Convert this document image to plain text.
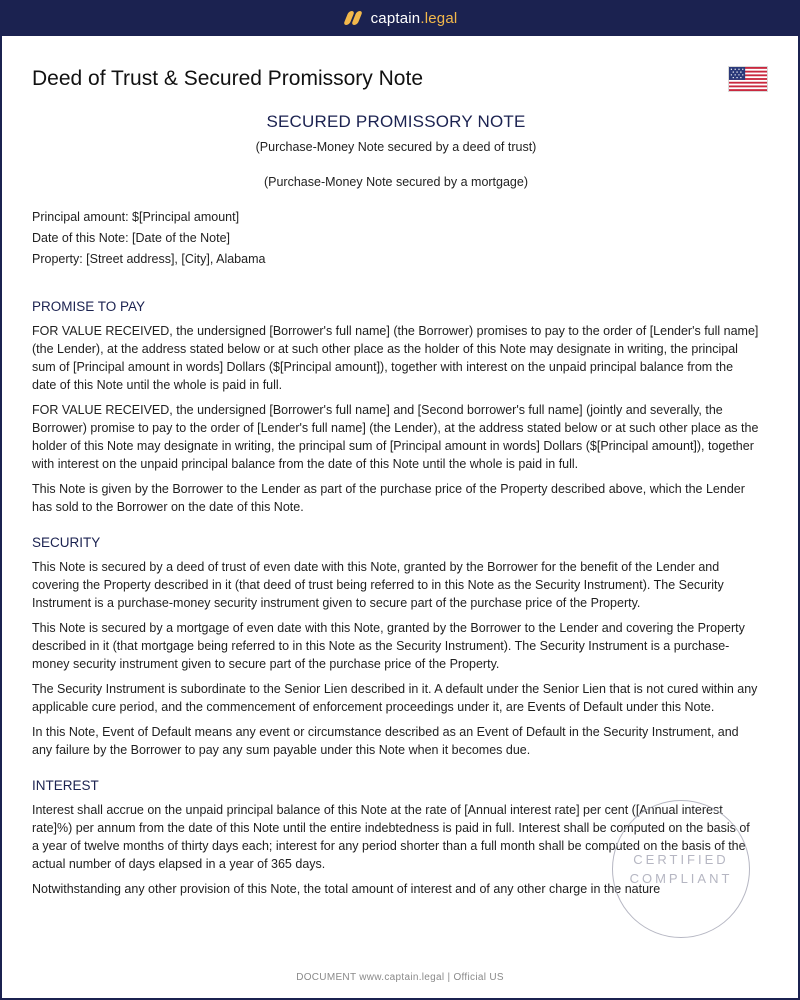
captain.legal
Deed of Trust & Secured Promissory Note
SECURED PROMISSORY NOTE

(Purchase-Money Note secured by a deed of trust)

(Purchase-Money Note secured by a mortgage)

Principal amount: $[Principal amount]
Date of this Note: [Date of the Note]
Property: [Street address], [City], Alabama
PROMISE TO PAY

FOR VALUE RECEIVED, the undersigned [Borrower's full name] (the Borrower) promises to pay to the order of [Lender's full name] (the Lender), at the address stated below or at such other place as the holder of this Note may designate in writing, the principal sum of [Principal amount in words] Dollars ($[Principal amount]), together with interest on the unpaid principal balance from the date of this Note until the whole is paid in full.

FOR VALUE RECEIVED, the undersigned [Borrower's full name] and [Second borrower's full name] (jointly and severally, the Borrower) promise to pay to the order of [Lender's full name] (the Lender), at the address stated below or at such other place as the holder of this Note may designate in writing, the principal sum of [Principal amount in words] Dollars ($[Principal amount]), together with interest on the unpaid principal balance from the date of this Note until the whole is paid in full.

This Note is given by the Borrower to the Lender as part of the purchase price of the Property described above, which the Lender has sold to the Borrower on the date of this Note.

SECURITY

This Note is secured by a deed of trust of even date with this Note, granted by the Borrower for the benefit of the Lender and covering the Property described in it (that deed of trust being referred to in this Note as the Security Instrument). The Security Instrument is a purchase-money security instrument given to secure part of the purchase price of the Property.

This Note is secured by a mortgage of even date with this Note, granted by the Borrower to the Lender and covering the Property described in it (that mortgage being referred to in this Note as the Security Instrument). The Security Instrument is a purchase-money security instrument given to secure part of the purchase price of the Property.

The Security Instrument is subordinate to the Senior Lien described in it. A default under the Senior Lien that is not cured within any applicable cure period, and the commencement of enforcement proceedings under it, are Events of Default under this Note.

In this Note, Event of Default means any event or circumstance described as an Event of Default in the Security Instrument, and any failure by the Borrower to pay any sum payable under this Note when it becomes due.

INTEREST

Interest shall accrue on the unpaid principal balance of this Note at the rate of [Annual interest rate] per cent ([Annual interest rate]%) per annum from the date of this Note until the entire indebtedness is paid in full. Interest shall be computed on the basis of a year of twelve months of thirty days each; interest for any period shorter than a full month shall be computed on the basis of the actual number of days elapsed in a year of 365 days.

Notwithstanding any other provision of this Note, the total amount of interest and of any other charge in the nature

CERTIFIED
COMPLIANT
DOCUMENT www.captain.legal | Official US
